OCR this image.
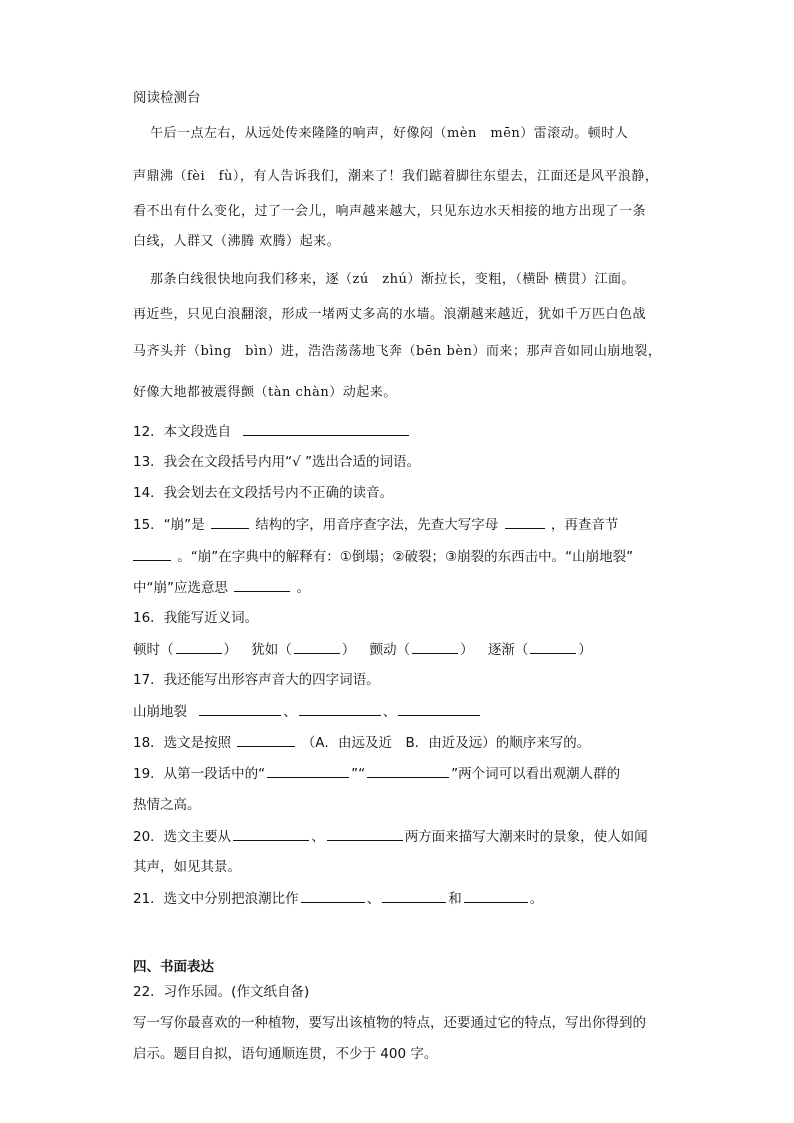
阅读检测台
午后一点左右，从远处传来隆隆的响声，好像闷（mèn　mēn）雷滚动。顿时人
声鼎沸（fèi　fù），有人告诉我们，潮来了！我们踮着脚往东望去，江面还是风平浪静，
看不出有什么变化，过了一会儿，响声越来越大，只见东边水天相接的地方出现了一条
白线，人群又（沸腾 欢腾）起来。
那条白线很快地向我们移来，逐（zú　zhú）渐拉长，变粗，（横卧 横贯）江面。
再近些，只见白浪翻滚，形成一堵两丈多高的水墙。浪潮越来越近，犹如千万匹白色战
马齐头并（bìng　bìn）进，浩浩荡荡地飞奔（bēn bèn）而来；那声音如同山崩地裂，
好像大地都被震得颤（tàn chàn）动起来。
12．本文段选自
13．我会在文段括号内用“√ ”选出合适的词语。
14．我会划去在文段括号内不正确的读音。
15．“崩”是	结构的字，用音序查字法，先查大写字母	，再查音节
。“崩”在字典中的解释有：①倒塌；②破裂；③崩裂的东西击中。“山崩地裂”
中“崩”应选意思	。
16．我能写近义词。
顿时（	） 犹如（	） 颤动（	） 逐渐（	）
17．我还能写出形容声音大的四字词语。
山崩地裂	、	、
18．选文是按照	（A．由远及近　B．由近及远）的顺序来写的。
19．从第一段话中的“	”“	”两个词可以看出观潮人群的
热情之高。
20．选文主要从	、	两方面来描写大潮来时的景象，使人如闻
其声，如见其景。
21．选文中分别把浪潮比作	、	和	。
四、书面表达
22．习作乐园。(作文纸自备)
写一写你最喜欢的一种植物，要写出该植物的特点，还要通过它的特点，写出你得到的
启示。题目自拟，语句通顺连贯，不少于 400 字。
